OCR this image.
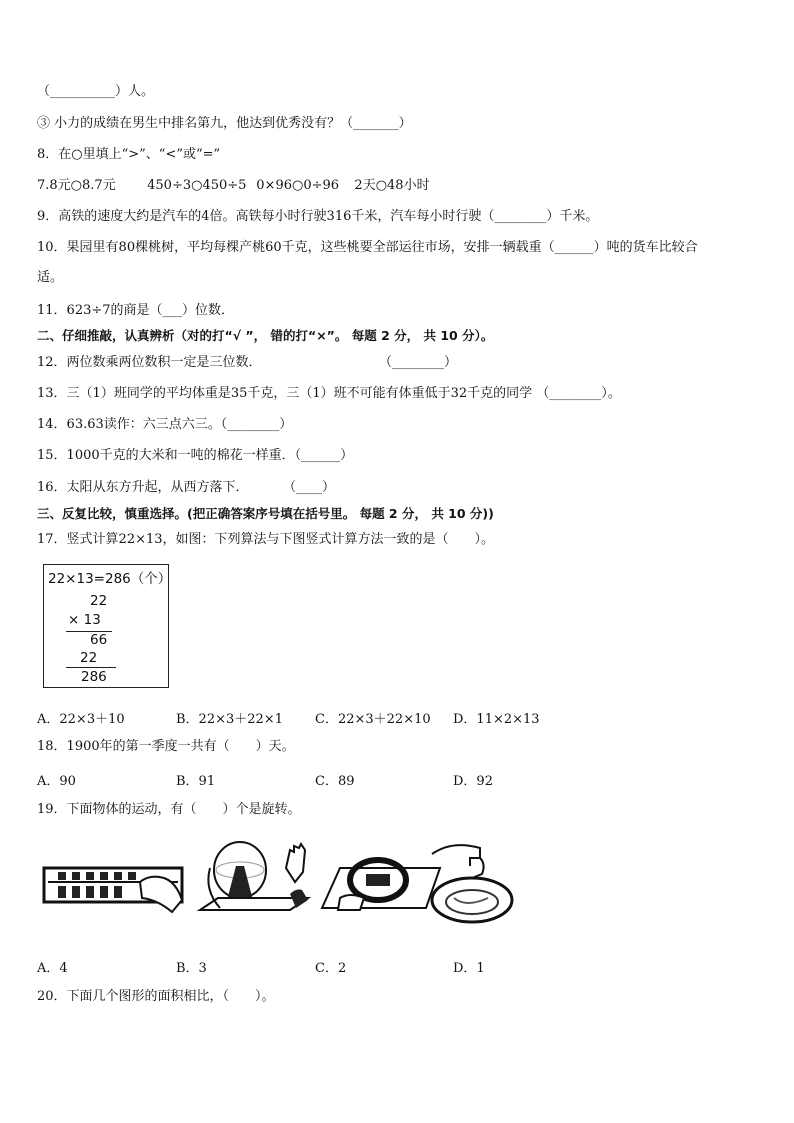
（__________）人。
③ 小力的成绩在男生中排名第九，他达到优秀没有？（_______）
8．在○里填上“>”、“<”或“=”
7.8元○8.7元 450÷3○450÷5 0×96○0÷96 2天○48小时
9．高铁的速度大约是汽车的4倍。高铁每小时行驶316千米，汽车每小时行驶（________）千米。
10．果园里有80棵桃树，平均每棵产桃60千克，这些桃要全部运往市场，安排一辆载重（______）吨的货车比较合
适。
11．623÷7的商是（___）位数．
二、仔细推敲，认真辨析（对的打“√ ”， 错的打“×”。 每题 2 分， 共 10 分）。
12．两位数乘两位数积一定是三位数．	（________）
13．三（1）班同学的平均体重是35千克，三（1）班不可能有体重低于32千克的同学 （________）。
14．63.63读作：六三点六三。（________）
15．1000千克的大米和一吨的棉花一样重．（______）
16．太阳从东方升起，从西方落下．	（____）
三、反复比较，慎重选择。(把正确答案序号填在括号里。 每题 2 分， 共 10 分))
17．竖式计算22×13，如图：下列算法与下图竖式计算方法一致的是（　　）。
22×13=286（个）
22
× 13
66
22
286
A．22×3＋10	B．22×3＋22×1 C．22×3＋22×10 D．11×2×13
18．1900年的第一季度一共有（　　）天。
A．90	B．91	C．89	D．92
19．下面物体的运动，有（　　）个是旋转。
A．4	B．3	C．2	D．1
20．下面几个图形的面积相比，（　　）。
